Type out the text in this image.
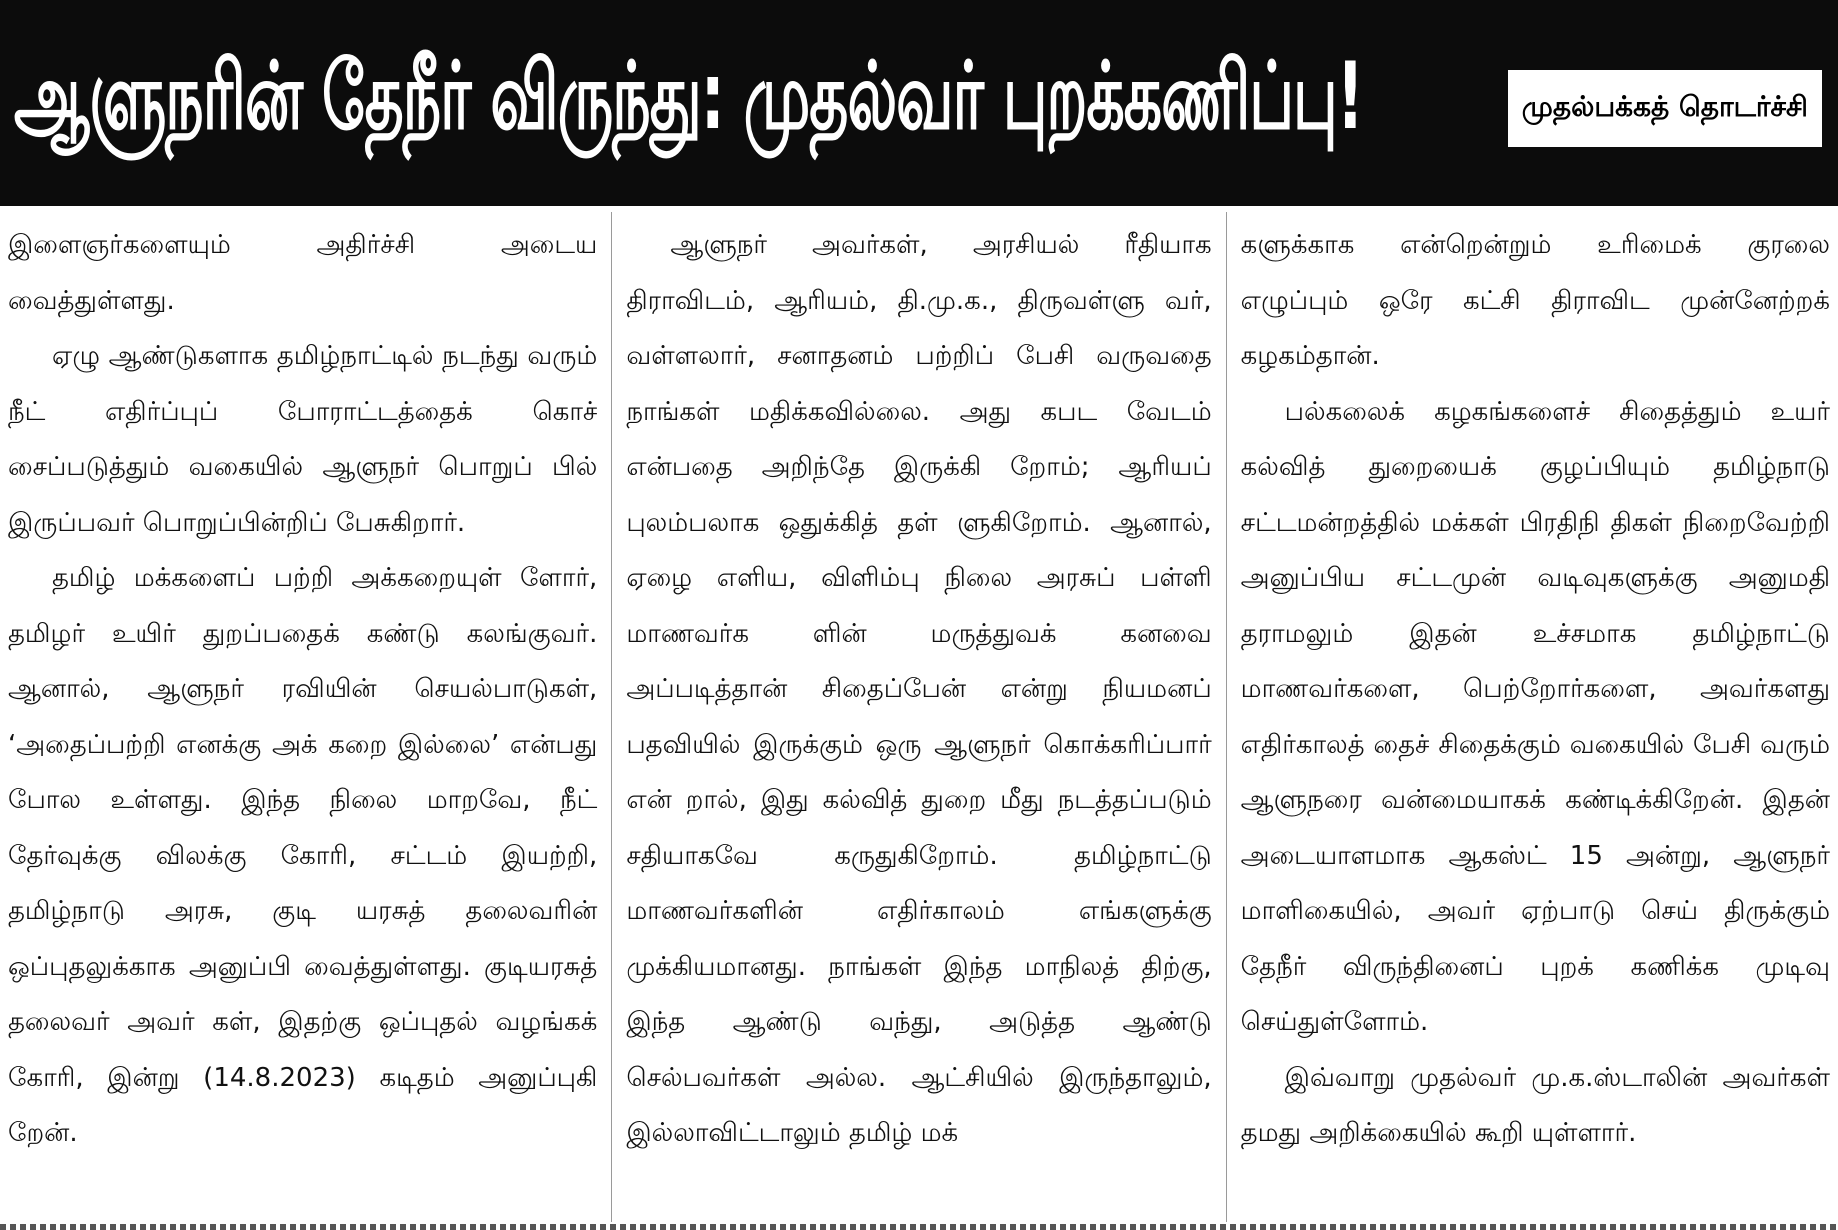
ஆளுநரின் தேநீர் விருந்து: முதல்வர் புறக்கணிப்பு!	முதல்பக்கத் தொடர்ச்சி

இளைஞர்களையும் அதிர்ச்சி அடைய வைத்துள்ளது.

ஏழு ஆண்டுகளாக தமிழ்நாட்டில் நடந்து வரும் நீட் எதிர்ப்புப் போராட்டத்தைக் கொச் சைப்படுத்தும் வகையில் ஆளுநர் பொறுப் பில் இருப்பவர் பொறுப்பின்றிப் பேசுகிறார்.

தமிழ் மக்களைப் பற்றி அக்கறையுள் ளோர், தமிழர் உயிர் துறப்பதைக் கண்டு கலங்குவர். ஆனால், ஆளுநர் ரவியின் செயல்பாடுகள், ‘அதைப்பற்றி எனக்கு அக் கறை இல்லை’ என்பது போல உள்ளது. இந்த நிலை மாறவே, நீட் தேர்வுக்கு விலக்கு கோரி, சட்டம் இயற்றி, தமிழ்நாடு அரசு, குடி யரசுத் தலைவரின் ஒப்புதலுக்காக அனுப்பி வைத்துள்ளது. குடியரசுத் தலைவர் அவர் கள், இதற்கு ஒப்புதல் வழங்கக் கோரி, இன்று (14.8.2023) கடிதம் அனுப்புகி றேன்.

ஆளுநர் அவர்கள், அரசியல் ரீதியாக திராவிடம், ஆரியம், தி.மு.க., திருவள்ளு வர், வள்ளலார், சனாதனம் பற்றிப் பேசி வருவதை நாங்கள் மதிக்கவில்லை. அது கபட வேடம் என்பதை அறிந்தே இருக்கி றோம்; ஆரியப் புலம்பலாக ஒதுக்கித் தள் ளுகிறோம். ஆனால், ஏழை எளிய, விளிம்பு நிலை அரசுப் பள்ளி மாணவர்க ளின் மருத்துவக் கனவை அப்படித்தான் சிதைப்பேன் என்று நியமனப் பதவியில் இருக்கும் ஒரு ஆளுநர் கொக்கரிப்பார் என் றால், இது கல்வித் துறை மீது நடத்தப்படும் சதியாகவே கருதுகிறோம். தமிழ்நாட்டு மாணவர்களின் எதிர்காலம் எங்களுக்கு முக்கியமானது. நாங்கள் இந்த மாநிலத் திற்கு, இந்த ஆண்டு வந்து, அடுத்த ஆண்டு செல்பவர்கள் அல்ல. ஆட்சியில் இருந்தாலும், இல்லாவிட்டாலும் தமிழ் மக்

களுக்காக என்றென்றும் உரிமைக் குரலை எழுப்பும் ஒரே கட்சி திராவிட முன்னேற்றக் கழகம்தான்.

பல்கலைக் கழகங்களைச் சிதைத்தும் உயர் கல்வித் துறையைக் குழப்பியும் தமிழ்நாடு சட்டமன்றத்தில் மக்கள் பிரதிநி திகள் நிறைவேற்றி அனுப்பிய சட்டமுன் வடிவுகளுக்கு அனுமதி தராமலும் இதன் உச்சமாக தமிழ்நாட்டு மாணவர்களை, பெற்றோர்களை, அவர்களது எதிர்காலத் தைச் சிதைக்கும் வகையில் பேசி வரும் ஆளுநரை வன்மையாகக் கண்டிக்கிறேன். இதன் அடையாளமாக ஆகஸ்ட் 15 அன்று, ஆளுநர் மாளிகையில், அவர் ஏற்பாடு செய் திருக்கும் தேநீர் விருந்தினைப் புறக் கணிக்க முடிவு செய்துள்ளோம்.

இவ்வாறு முதல்வர் மு.க.ஸ்டாலின் அவர்கள் தமது அறிக்கையில் கூறி யுள்ளார்.
